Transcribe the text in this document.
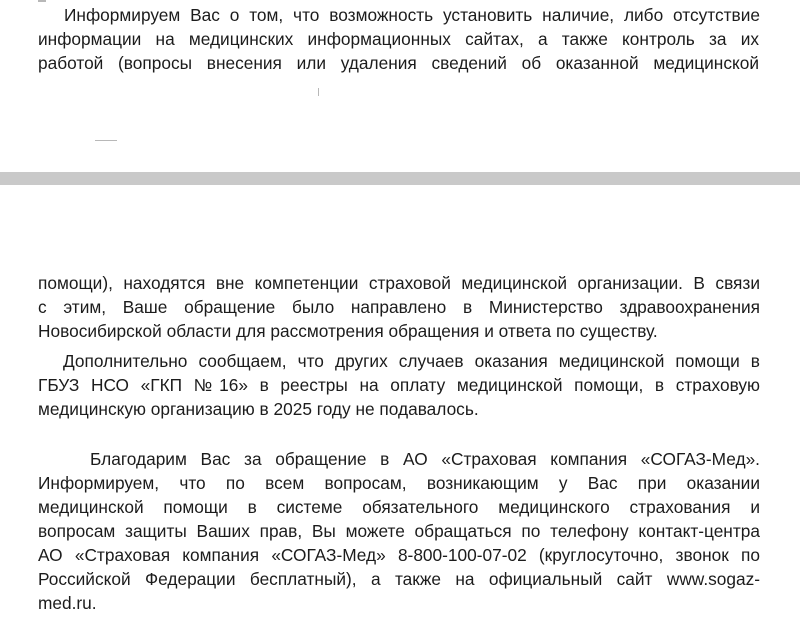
Информируем Вас о том, что возможность установить наличие, либо отсутствие

информации на медицинских информационных сайтах, а также контроль за их

работой (вопросы внесения или удаления сведений об оказанной медицинской

помощи), находятся вне компетенции страховой медицинской организации. В связи

с этим, Ваше обращение было направлено в Министерство здравоохранения

Новосибирской области для рассмотрения обращения и ответа по существу.

Дополнительно сообщаем, что других случаев оказания медицинской помощи в

ГБУЗ НСО «ГКП №16» в реестры на оплату медицинской помощи, в страховую

медицинскую организацию в 2025 году не подавалось.

Благодарим Вас за обращение в АО «Страховая компания «СОГАЗ-Мед».

Информируем, что по всем вопросам, возникающим у Вас при оказании

медицинской помощи в системе обязательного медицинского страхования и

вопросам защиты Ваших прав, Вы можете обращаться по телефону контакт-центра

АО «Страховая компания «СОГАЗ-Мед» 8-800-100-07-02 (круглосуточно, звонок по

Российской Федерации бесплатный), а также на официальный сайт www.sogaz-

med.ru.
